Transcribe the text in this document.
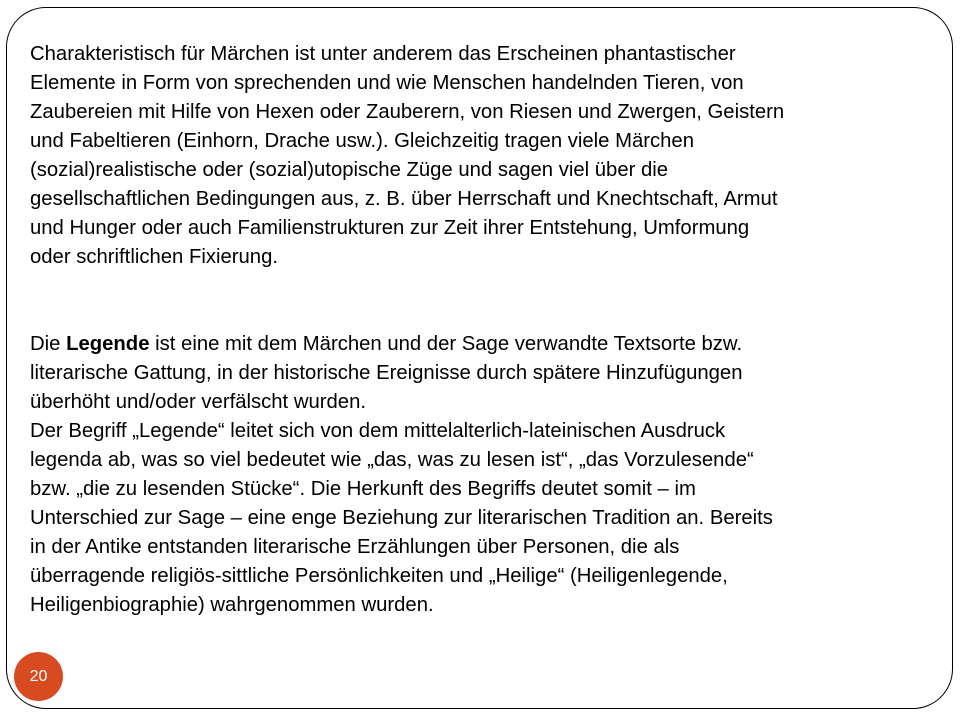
Charakteristisch für Märchen ist unter anderem das Erscheinen phantastischer
Elemente in Form von sprechenden und wie Menschen handelnden Tieren, von
Zaubereien mit Hilfe von Hexen oder Zauberern, von Riesen und Zwergen, Geistern
und Fabeltieren (Einhorn, Drache usw.). Gleichzeitig tragen viele Märchen
(sozial)realistische oder (sozial)utopische Züge und sagen viel über die
gesellschaftlichen Bedingungen aus, z. B. über Herrschaft und Knechtschaft, Armut
und Hunger oder auch Familienstrukturen zur Zeit ihrer Entstehung, Umformung
oder schriftlichen Fixierung.

Die Legende ist eine mit dem Märchen und der Sage verwandte Textsorte bzw.
literarische Gattung, in der historische Ereignisse durch spätere Hinzufügungen
überhöht und/oder verfälscht wurden.

Der Begriff „Legende“ leitet sich von dem mittelalterlich-lateinischen Ausdruck
legenda ab, was so viel bedeutet wie „das, was zu lesen ist“, „das Vorzulesende“
bzw. „die zu lesenden Stücke“. Die Herkunft des Begriffs deutet somit – im
Unterschied zur Sage – eine enge Beziehung zur literarischen Tradition an. Bereits
in der Antike entstanden literarische Erzählungen über Personen, die als
überragende religiös-sittliche Persönlichkeiten und „Heilige“ (Heiligenlegende,
Heiligenbiographie) wahrgenommen wurden.

20
